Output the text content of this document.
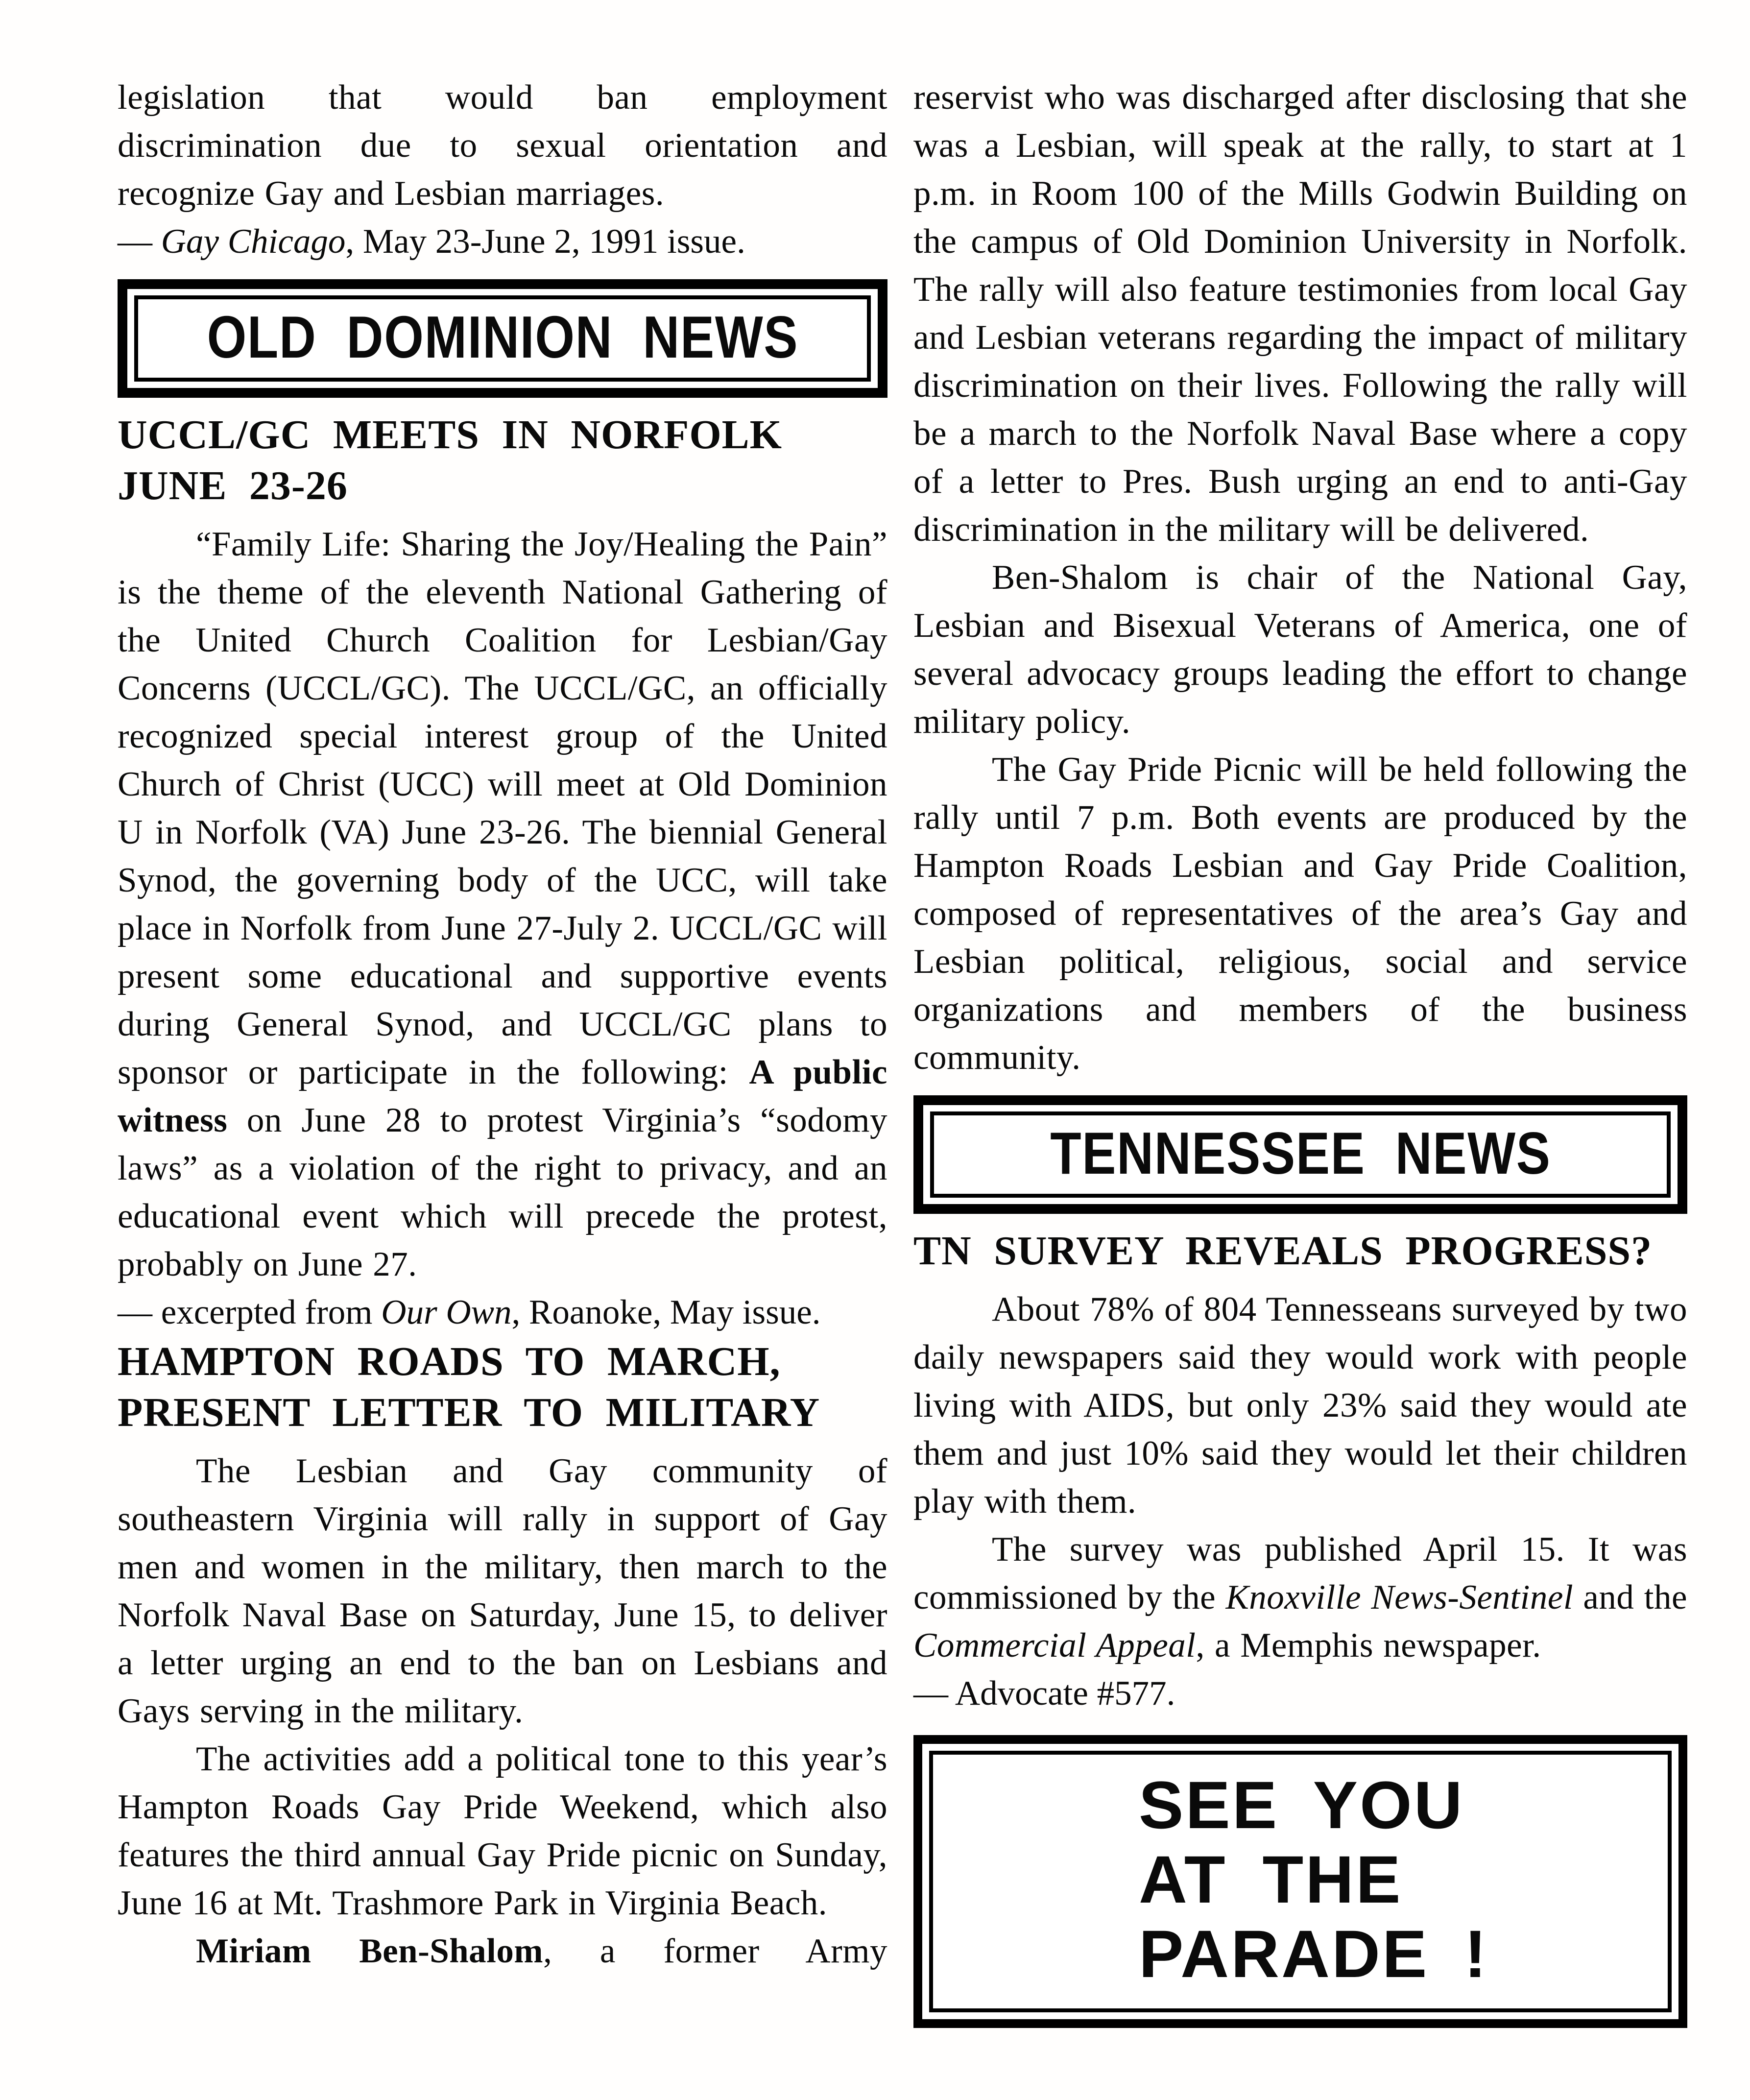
legislation that would ban employment discrimination due to sexual orientation and recognize Gay and Lesbian marriages.

— Gay Chicago, May 23-June 2, 1991 issue.

OLD DOMINION NEWS
UCCL/GC MEETS IN NORFOLK
JUNE 23-26

“Family Life: Sharing the Joy/Healing the Pain” is the theme of the eleventh National Gathering of the United Church Coalition for Lesbian/Gay Concerns (UCCL/GC). The UCCL/GC, an officially recognized special interest group of the United Church of Christ (UCC) will meet at Old Dominion U in Norfolk (VA) June 23-26. The biennial General Synod, the governing body of the UCC, will take place in Norfolk from June 27-July 2. UCCL/GC will present some educational and supportive events during General Synod, and UCCL/GC plans to sponsor or participate in the following: A public witness on June 28 to protest Virginia’s “sodomy laws” as a violation of the right to privacy, and an educational event which will precede the protest, probably on June 27.

— excerpted from Our Own, Roanoke, May issue.

HAMPTON ROADS TO MARCH,
PRESENT LETTER TO MILITARY

The Lesbian and Gay community of southeastern Virginia will rally in support of Gay men and women in the military, then march to the Norfolk Naval Base on Saturday, June 15, to deliver a letter urging an end to the ban on Lesbians and Gays serving in the military.

The activities add a political tone to this year’s Hampton Roads Gay Pride Weekend, which also features the third annual Gay Pride picnic on Sunday, June 16 at Mt. Trashmore Park in Virginia Beach.

Miriam Ben-Shalom, a former Army

reservist who was discharged after disclosing that she was a Lesbian, will speak at the rally, to start at 1 p.m. in Room 100 of the Mills Godwin Building on the campus of Old Dominion University in Norfolk. The rally will also feature testimonies from local Gay and Lesbian veterans regarding the impact of military discrimination on their lives. Following the rally will be a march to the Norfolk Naval Base where a copy of a letter to Pres. Bush urging an end to anti-Gay discrimination in the military will be delivered.

Ben-Shalom is chair of the National Gay, Lesbian and Bisexual Veterans of America, one of several advocacy groups leading the effort to change military policy.

The Gay Pride Picnic will be held following the rally until 7 p.m. Both events are produced by the Hampton Roads Lesbian and Gay Pride Coalition, composed of representatives of the area’s Gay and Lesbian political, religious, social and service organizations and members of the business community.

TENNESSEE NEWS
TN SURVEY REVEALS PROGRESS?

About 78% of 804 Tennesseans surveyed by two daily newspapers said they would work with people living with AIDS, but only 23% said they would ate them and just 10% said they would let their children play with them.

The survey was published April 15. It was commissioned by the Knoxville News-Sentinel and the Commercial Appeal, a Memphis newspaper.

— Advocate #577.

SEE YOU
AT THE
PARADE !
